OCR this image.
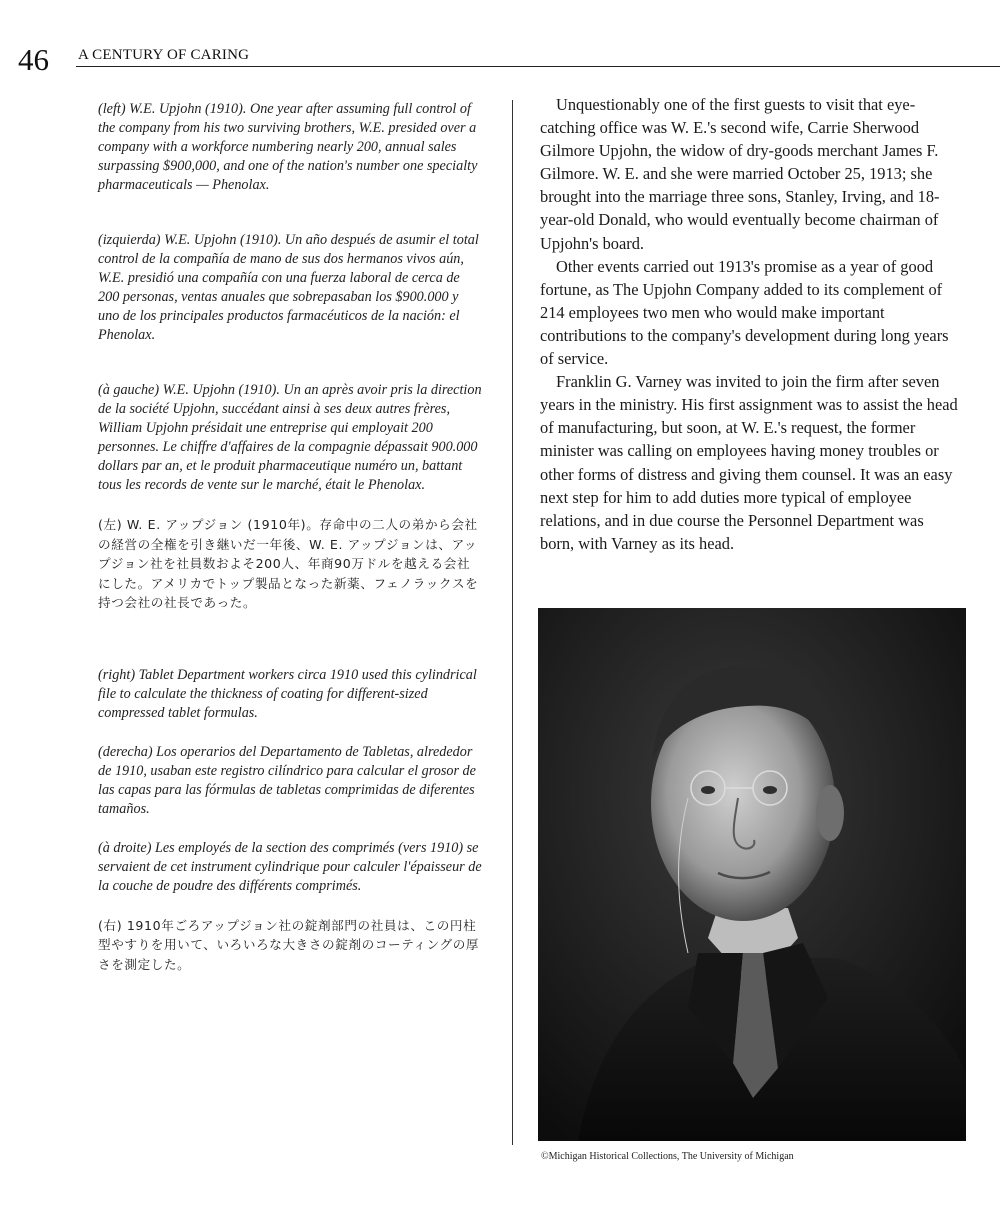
46 A CENTURY OF CARING

(left) W.E. Upjohn (1910). One year after assuming full control of the company from his two surviving brothers, W.E. presided over a company with a workforce numbering nearly 200, annual sales surpassing $900,000, and one of the nation's number one specialty pharmaceuticals — Phenolax.

(izquierda) W.E. Upjohn (1910). Un año después de asumir el total control de la compañía de mano de sus dos hermanos vivos aún, W.E. presidió una compañía con una fuerza laboral de cerca de 200 personas, ventas anuales que sobrepasaban los $900.000 y uno de los principales productos farmacéuticos de la nación: el Phenolax.

(à gauche) W.E. Upjohn (1910). Un an après avoir pris la direction de la société Upjohn, succédant ainsi à ses deux autres frères, William Upjohn présidait une entreprise qui employait 200 personnes. Le chiffre d'affaires de la compagnie dépassait 900.000 dollars par an, et le produit pharmaceutique numéro un, battant tous les records de vente sur le marché, était le Phenolax.

(左) W. E. アップジョン (1910年)。存命中の二人の弟から会社の経営の全権を引き継いだ一年後、W. E. アップジョンは、アップジョン社を社員数およそ200人、年商90万ドルを越える会社にした。アメリカでトップ製品となった新薬、フェノラックスを持つ会社の社長であった。

(right) Tablet Department workers circa 1910 used this cylindrical file to calculate the thickness of coating for different-sized compressed tablet formulas.

(derecha) Los operarios del Departamento de Tabletas, alrededor de 1910, usaban este registro cilíndrico para calcular el grosor de las capas para las fórmulas de tabletas comprimidas de diferentes tamaños.

(à droite) Les employés de la section des comprimés (vers 1910) se servaient de cet instrument cylindrique pour calculer l'épaisseur de la couche de poudre des différents comprimés.

(右) 1910年ごろアップジョン社の錠剤部門の社員は、この円柱型やすりを用いて、いろいろな大きさの錠剤のコーティングの厚さを測定した。

Unquestionably one of the first guests to visit that eye-catching office was W. E.'s second wife, Carrie Sherwood Gilmore Upjohn, the widow of dry-goods merchant James F. Gilmore. W. E. and she were married October 25, 1913; she brought into the marriage three sons, Stanley, Irving, and 18-year-old Donald, who would eventually become chairman of Upjohn's board.

Other events carried out 1913's promise as a year of good fortune, as The Upjohn Company added to its complement of 214 employees two men who would make important contributions to the company's development during long years of service.

Franklin G. Varney was invited to join the firm after seven years in the ministry. His first assignment was to assist the head of manufacturing, but soon, at W. E.'s request, the former minister was calling on employees having money troubles or other forms of distress and giving them counsel. It was an easy next step for him to add duties more typical of employee relations, and in due course the Personnel Department was born, with Varney as its head.

©Michigan Historical Collections, The University of Michigan
